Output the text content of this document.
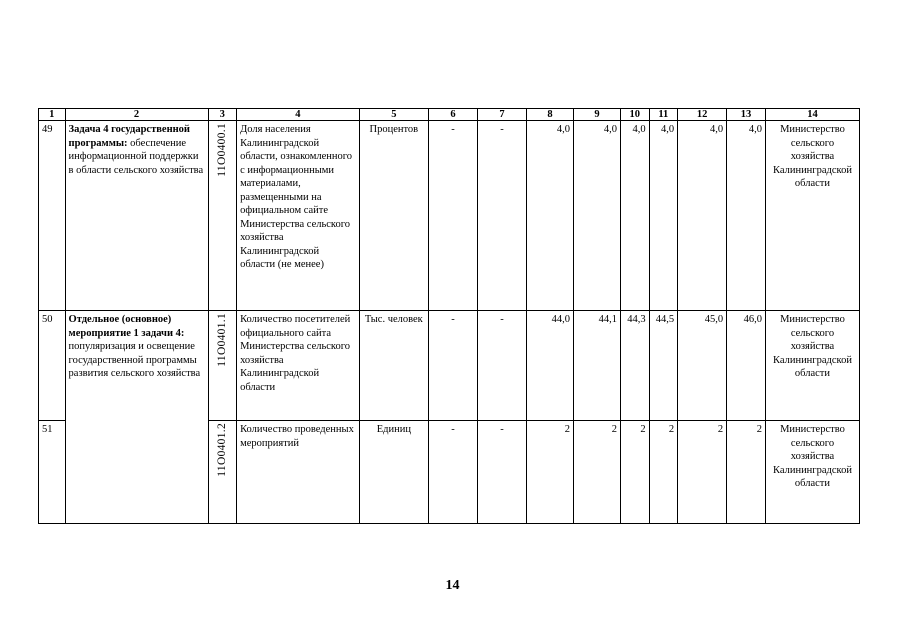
1	2	3	4	5	6	7	8	9	10	11	12	13	14
49	Задача 4 государственной программы: обеспечение информационной поддержки в области сельского хозяйства	11О0400.1	Доля населения Калининградской области, ознакомленного с информационными материалами, размещенными на официальном сайте Министерства сельского хозяйства Калининградской области (не менее)	Процентов	-	-	4,0	4,0	4,0	4,0	4,0	4,0	Министерство сельского хозяйства Калининградской области
50	Отдельное (основное) мероприятие 1 задачи 4: популяризация и освещение государственной программы развития сельского хозяйства	11О0401.1	Количество посетителей официального сайта Министерства сельского хозяйства Калининградской области	Тыс. человек	-	-	44,0	44,1	44,3	44,5	45,0	46,0	Министерство сельского хозяйства Калининградской области
51		11О0401.2	Количество проведенных мероприятий	Единиц	-	-	2	2	2	2	2	2	Министерство сельского хозяйства Калининградской области
14
